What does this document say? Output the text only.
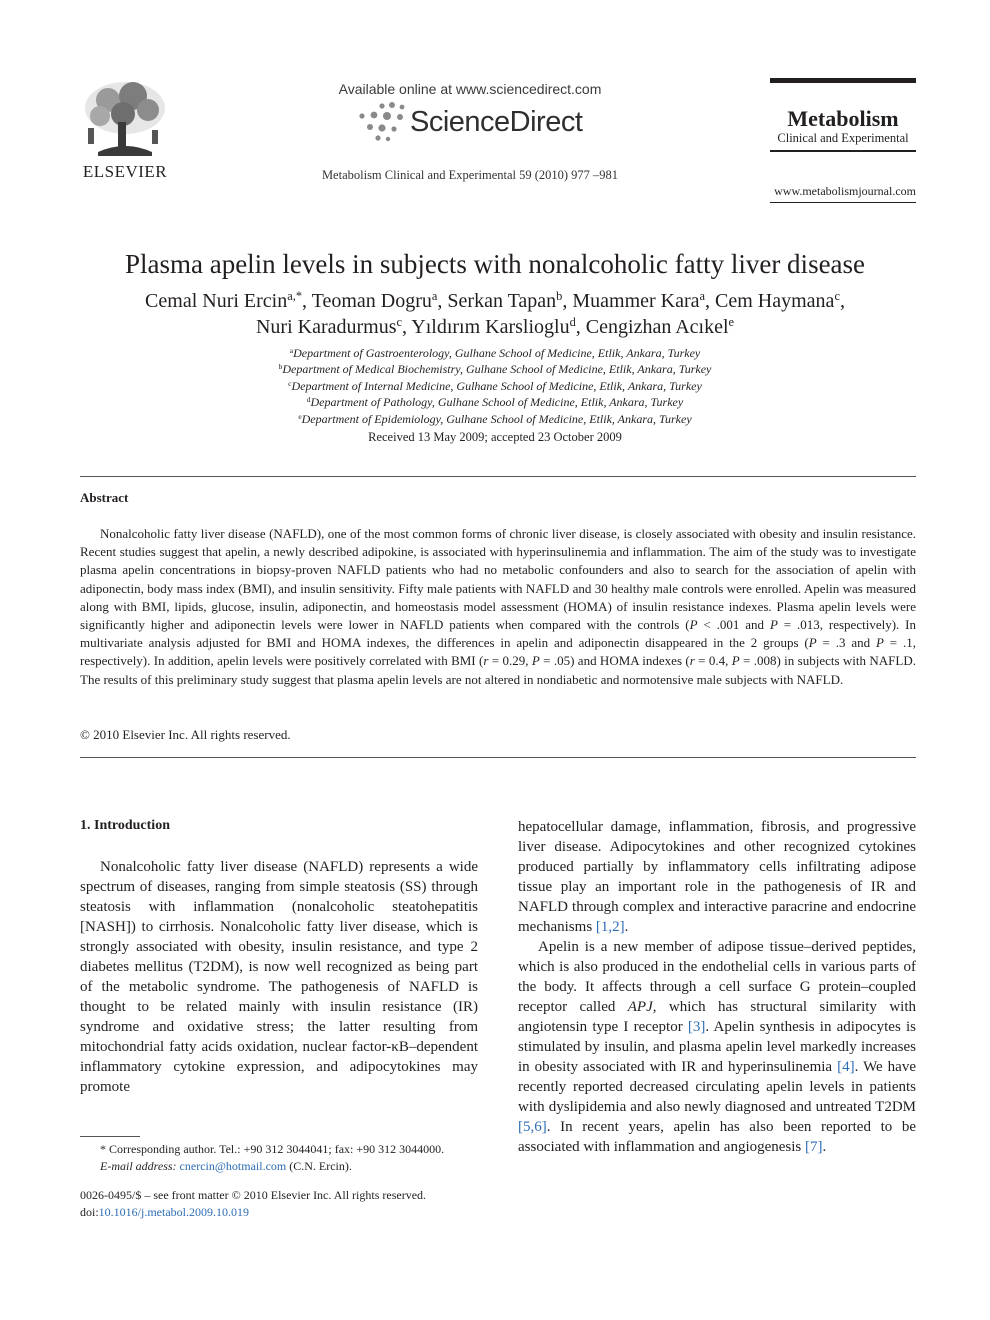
ELSEVIER
Available online at www.sciencedirect.com
ScienceDirect
Metabolism Clinical and Experimental 59 (2010) 977 –981
Metabolism
Clinical and Experimental
www.metabolismjournal.com
Plasma apelin levels in subjects with nonalcoholic fatty liver disease
Cemal Nuri Ercin$^{a,*}$, Teoman Dogru$^a$, Serkan Tapan$^b$, Muammer Kara$^a$, Cem Haymana$^c$,
Nuri Karadurmus$^c$, Yıldırım Karslioglu$^d$, Cengizhan Acıkel$^e$
$^a$Department of Gastroenterology, Gulhane School of Medicine, Etlik, Ankara, Turkey
$^b$Department of Medical Biochemistry, Gulhane School of Medicine, Etlik, Ankara, Turkey
$^c$Department of Internal Medicine, Gulhane School of Medicine, Etlik, Ankara, Turkey
$^d$Department of Pathology, Gulhane School of Medicine, Etlik, Ankara, Turkey
$^e$Department of Epidemiology, Gulhane School of Medicine, Etlik, Ankara, Turkey
Received 13 May 2009; accepted 23 October 2009
Abstract

Nonalcoholic fatty liver disease (NAFLD), one of the most common forms of chronic liver disease, is closely associated with obesity and insulin resistance. Recent studies suggest that apelin, a newly described adipokine, is associated with hyperinsulinemia and inflammation. The aim of the study was to investigate plasma apelin concentrations in biopsy-proven NAFLD patients who had no metabolic confounders and also to search for the association of apelin with adiponectin, body mass index (BMI), and insulin sensitivity. Fifty male patients with NAFLD and 30 healthy male controls were enrolled. Apelin was measured along with BMI, lipids, glucose, insulin, adiponectin, and homeostasis model assessment (HOMA) of insulin resistance indexes. Plasma apelin levels were significantly higher and adiponectin levels were lower in NAFLD patients when compared with the controls (P < .001 and P = .013, respectively). In multivariate analysis adjusted for BMI and HOMA indexes, the differences in apelin and adiponectin disappeared in the 2 groups (P = .3 and P = .1, respectively). In addition, apelin levels were positively correlated with BMI (r = 0.29, P = .05) and HOMA indexes (r = 0.4, P = .008) in subjects with NAFLD. The results of this preliminary study suggest that plasma apelin levels are not altered in nondiabetic and normotensive male subjects with NAFLD.

© 2010 Elsevier Inc. All rights reserved.
1. Introduction

Nonalcoholic fatty liver disease (NAFLD) represents a wide spectrum of diseases, ranging from simple steatosis (SS) through steatosis with inflammation (nonalcoholic steatohepatitis [NASH]) to cirrhosis. Nonalcoholic fatty liver disease, which is strongly associated with obesity, insulin resistance, and type 2 diabetes mellitus (T2DM), is now well recognized as being part of the metabolic syndrome. The pathogenesis of NAFLD is thought to be related mainly with insulin resistance (IR) syndrome and oxidative stress; the latter resulting from mitochondrial fatty acids oxidation, nuclear factor-κB–dependent inflammatory cytokine expression, and adipocytokines may promote

hepatocellular damage, inflammation, fibrosis, and progressive liver disease. Adipocytokines and other recognized cytokines produced partially by inflammatory cells infiltrating adipose tissue play an important role in the pathogenesis of IR and NAFLD through complex and interactive paracrine and endocrine mechanisms [1,2].

Apelin is a new member of adipose tissue–derived peptides, which is also produced in the endothelial cells in various parts of the body. It affects through a cell surface G protein–coupled receptor called APJ, which has structural similarity with angiotensin type I receptor [3]. Apelin synthesis in adipocytes is stimulated by insulin, and plasma apelin level markedly increases in obesity associated with IR and hyperinsulinemia [4]. We have recently reported decreased circulating apelin levels in patients with dyslipidemia and also newly diagnosed and untreated T2DM [5,6]. In recent years, apelin has also been reported to be associated with inflammation and angiogenesis [7].

* Corresponding author. Tel.: +90 312 3044041; fax: +90 312 3044000.
E-mail address: cnercin@hotmail.com (C.N. Ercin).
0026-0495/$ – see front matter © 2010 Elsevier Inc. All rights reserved.
doi:10.1016/j.metabol.2009.10.019
